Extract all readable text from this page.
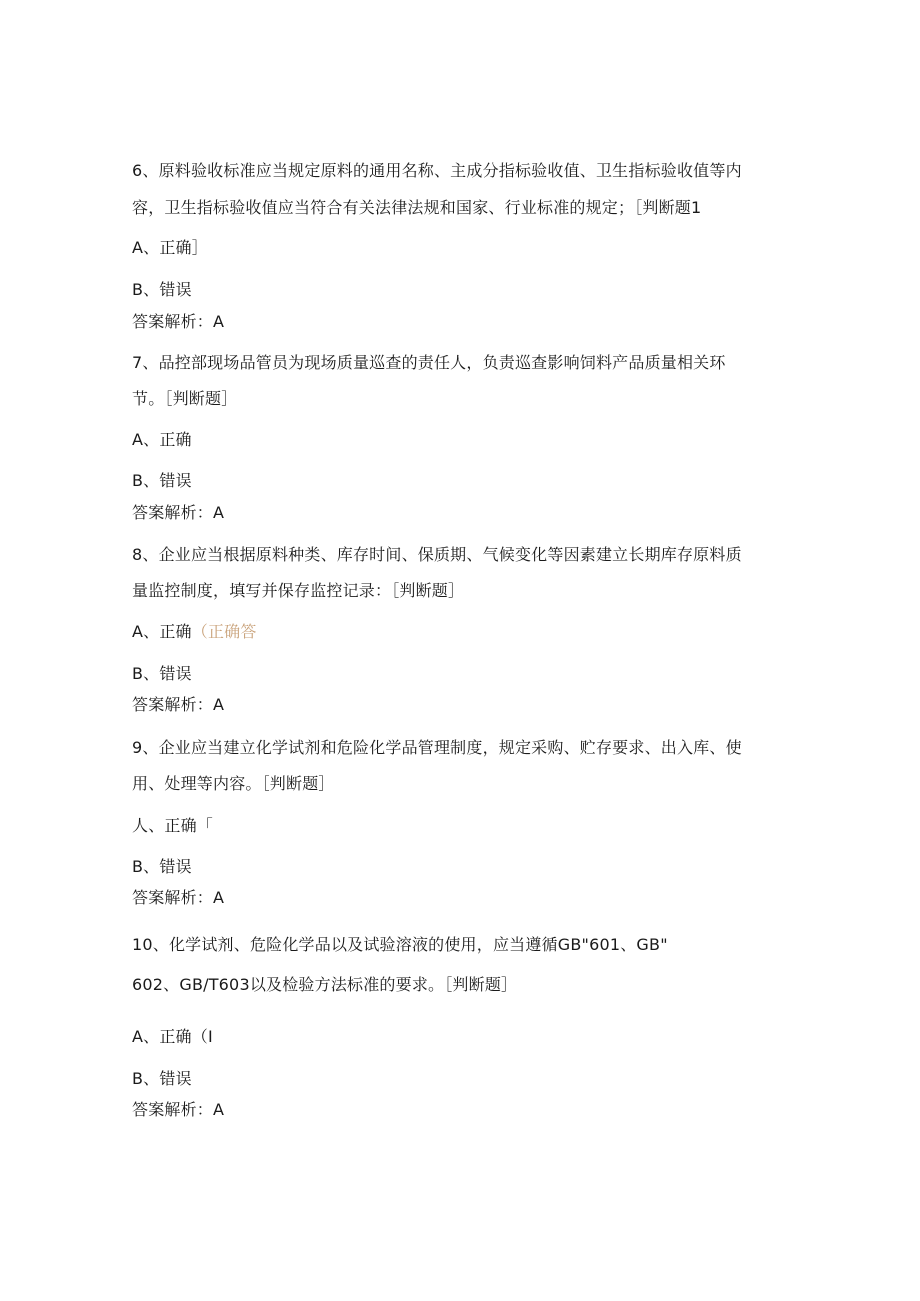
6、原料验收标准应当规定原料的通用名称、主成分指标验收值、卫生指标验收值等内
容，卫生指标验收值应当符合有关法律法规和国家、行业标准的规定；［判断题1
A、正确］
B、错误
答案解析：A
7、品控部现场品管员为现场质量巡查的责任人，负责巡查影响饲料产品质量相关环
节。［判断题］
A、正确
B、错误
答案解析：A
8、企业应当根据原料种类、库存时间、保质期、气候变化等因素建立长期库存原料质
量监控制度，填写并保存监控记录：［判断题］
A、正确（正确答
B、错误
答案解析：A
9、企业应当建立化学试剂和危险化学品管理制度，规定采购、贮存要求、出入库、使
用、处理等内容。［判断题］
人、正确「
B、错误
答案解析：A
10、化学试剂、危险化学品以及试验溶液的使用，应当遵循GB"601、GB"
602、GB/T603以及检验方法标准的要求。［判断题］
A、正确（I
B、错误
答案解析：A
